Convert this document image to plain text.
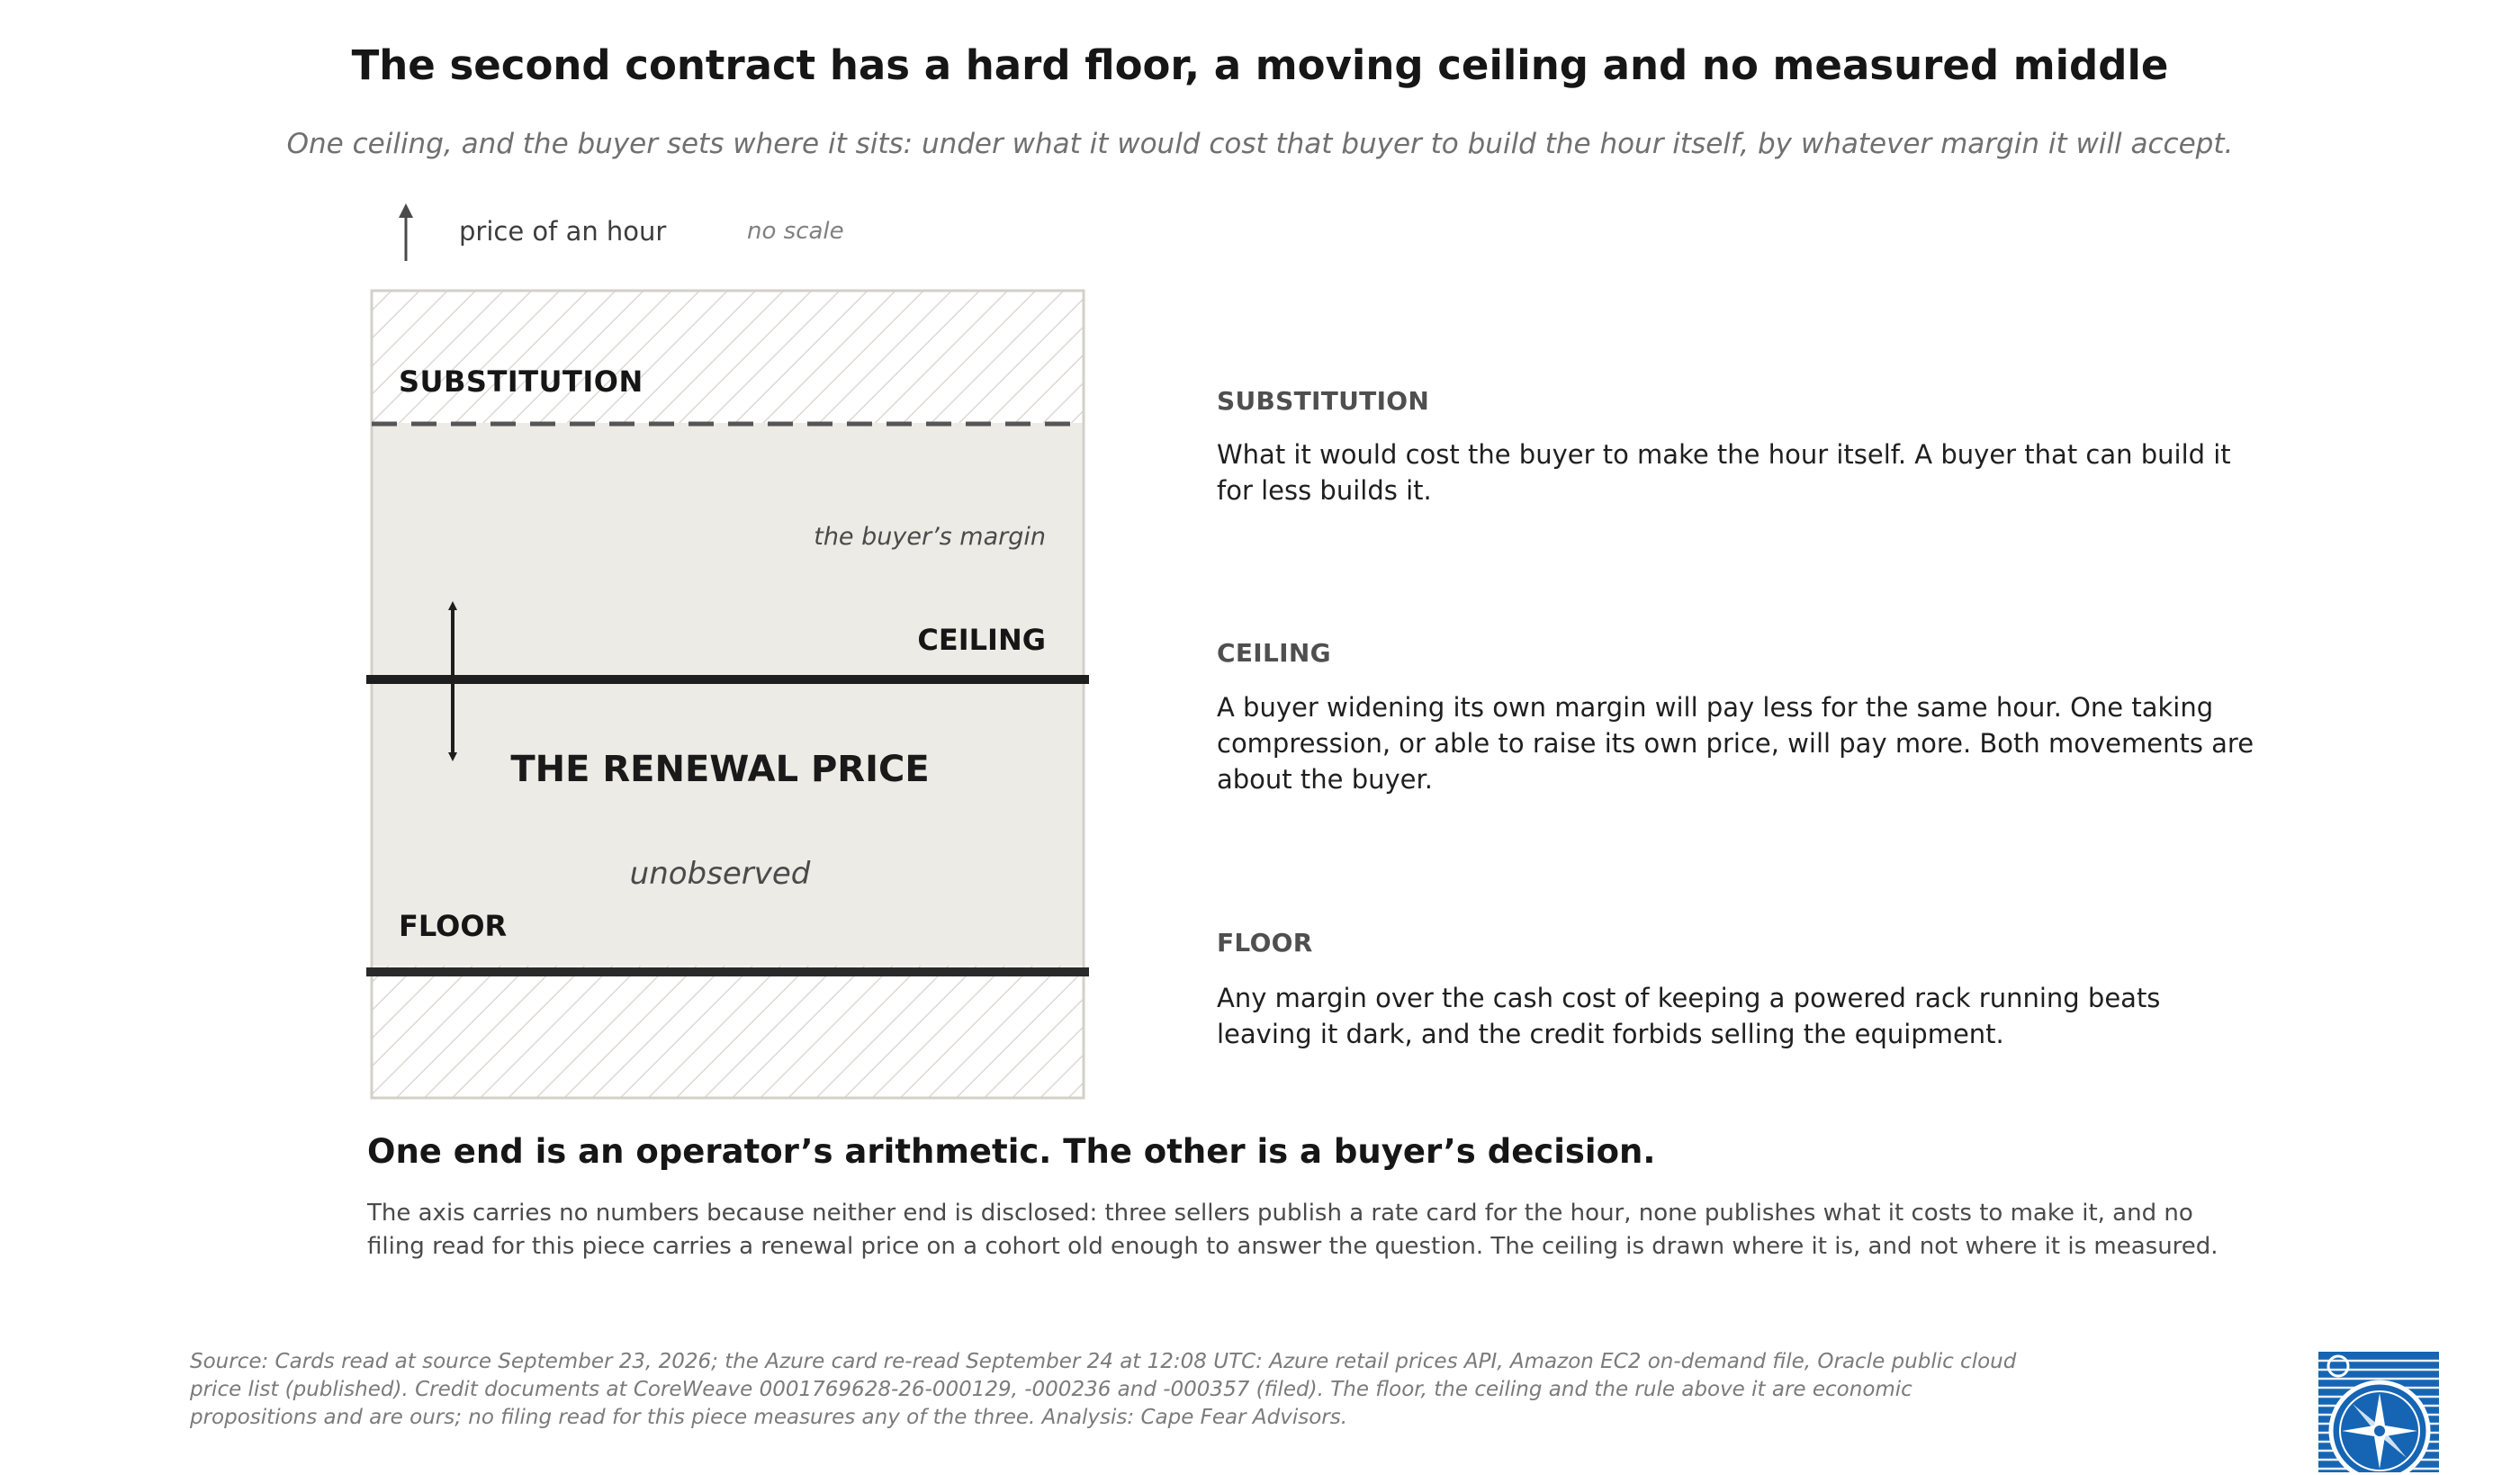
The second contract has a hard floor, a moving ceiling and no measured middle
One ceiling, and the buyer sets where it sits: under what it would cost that buyer to build the hour itself, by whatever margin it will accept.
price of an hour	no scale
SUBSTITUTION
the buyer’s margin
CEILING
THE RENEWAL PRICE
unobserved
FLOOR
SUBSTITUTION
What it would cost the buyer to make the hour itself. A buyer that can build it for less builds it.
CEILING
A buyer widening its own margin will pay less for the same hour. One taking compression, or able to raise its own price, will pay more. Both movements are about the buyer.
FLOOR
Any margin over the cash cost of keeping a powered rack running beats leaving it dark, and the credit forbids selling the equipment.
One end is an operator’s arithmetic. The other is a buyer’s decision.
The axis carries no numbers because neither end is disclosed: three sellers publish a rate card for the hour, none publishes what it costs to make it, and no filing read for this piece carries a renewal price on a cohort old enough to answer the question. The ceiling is drawn where it is, and not where it is measured.
Source: Cards read at source September 23, 2026; the Azure card re-read September 24 at 12:08 UTC: Azure retail prices API, Amazon EC2 on-demand file, Oracle public cloud price list (published). Credit documents at CoreWeave 0001769628-26-000129, -000236 and -000357 (filed). The floor, the ceiling and the rule above it are economic propositions and are ours; no filing read for this piece measures any of the three. Analysis: Cape Fear Advisors.
